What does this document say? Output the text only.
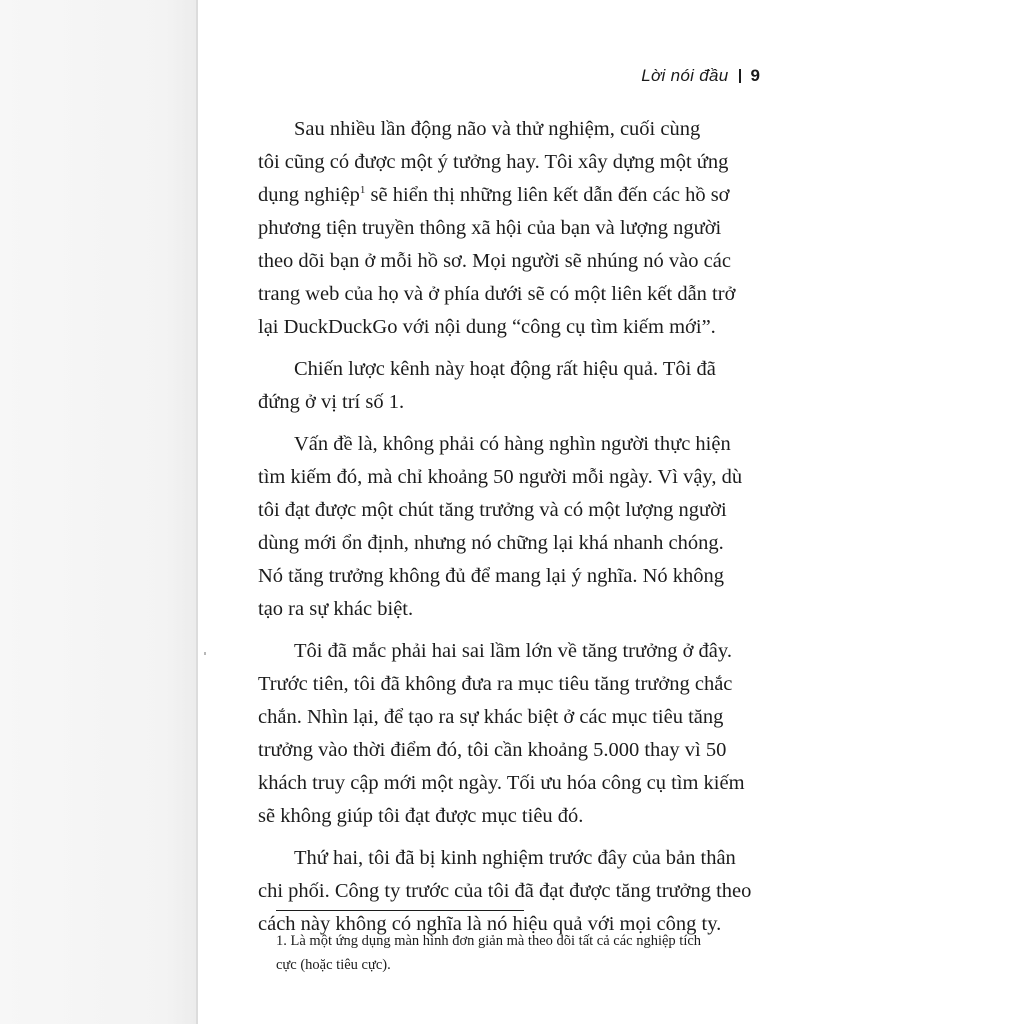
Lời nói đầu 9

Sau nhiều lần động não và thử nghiệm, cuối cùng
tôi cũng có được một ý tưởng hay. Tôi xây dựng một ứng
dụng nghiệp$^1$ sẽ hiển thị những liên kết dẫn đến các hồ sơ
phương tiện truyền thông xã hội của bạn và lượng người
theo dõi bạn ở mỗi hồ sơ. Mọi người sẽ nhúng nó vào các
trang web của họ và ở phía dưới sẽ có một liên kết dẫn trở
lại DuckDuckGo với nội dung “công cụ tìm kiếm mới”.

Chiến lược kênh này hoạt động rất hiệu quả. Tôi đã
đứng ở vị trí số 1.

Vấn đề là, không phải có hàng nghìn người thực hiện
tìm kiếm đó, mà chỉ khoảng 50 người mỗi ngày. Vì vậy, dù
tôi đạt được một chút tăng trưởng và có một lượng người
dùng mới ổn định, nhưng nó chững lại khá nhanh chóng.
Nó tăng trưởng không đủ để mang lại ý nghĩa. Nó không
tạo ra sự khác biệt.

Tôi đã mắc phải hai sai lầm lớn về tăng trưởng ở đây.
Trước tiên, tôi đã không đưa ra mục tiêu tăng trưởng chắc
chắn. Nhìn lại, để tạo ra sự khác biệt ở các mục tiêu tăng
trưởng vào thời điểm đó, tôi cần khoảng 5.000 thay vì 50
khách truy cập mới một ngày. Tối ưu hóa công cụ tìm kiếm
sẽ không giúp tôi đạt được mục tiêu đó.

Thứ hai, tôi đã bị kinh nghiệm trước đây của bản thân
chi phối. Công ty trước của tôi đã đạt được tăng trưởng theo
cách này không có nghĩa là nó hiệu quả với mọi công ty.

1. Là một ứng dụng màn hình đơn giản mà theo dõi tất cả các nghiệp tích
cực (hoặc tiêu cực).
